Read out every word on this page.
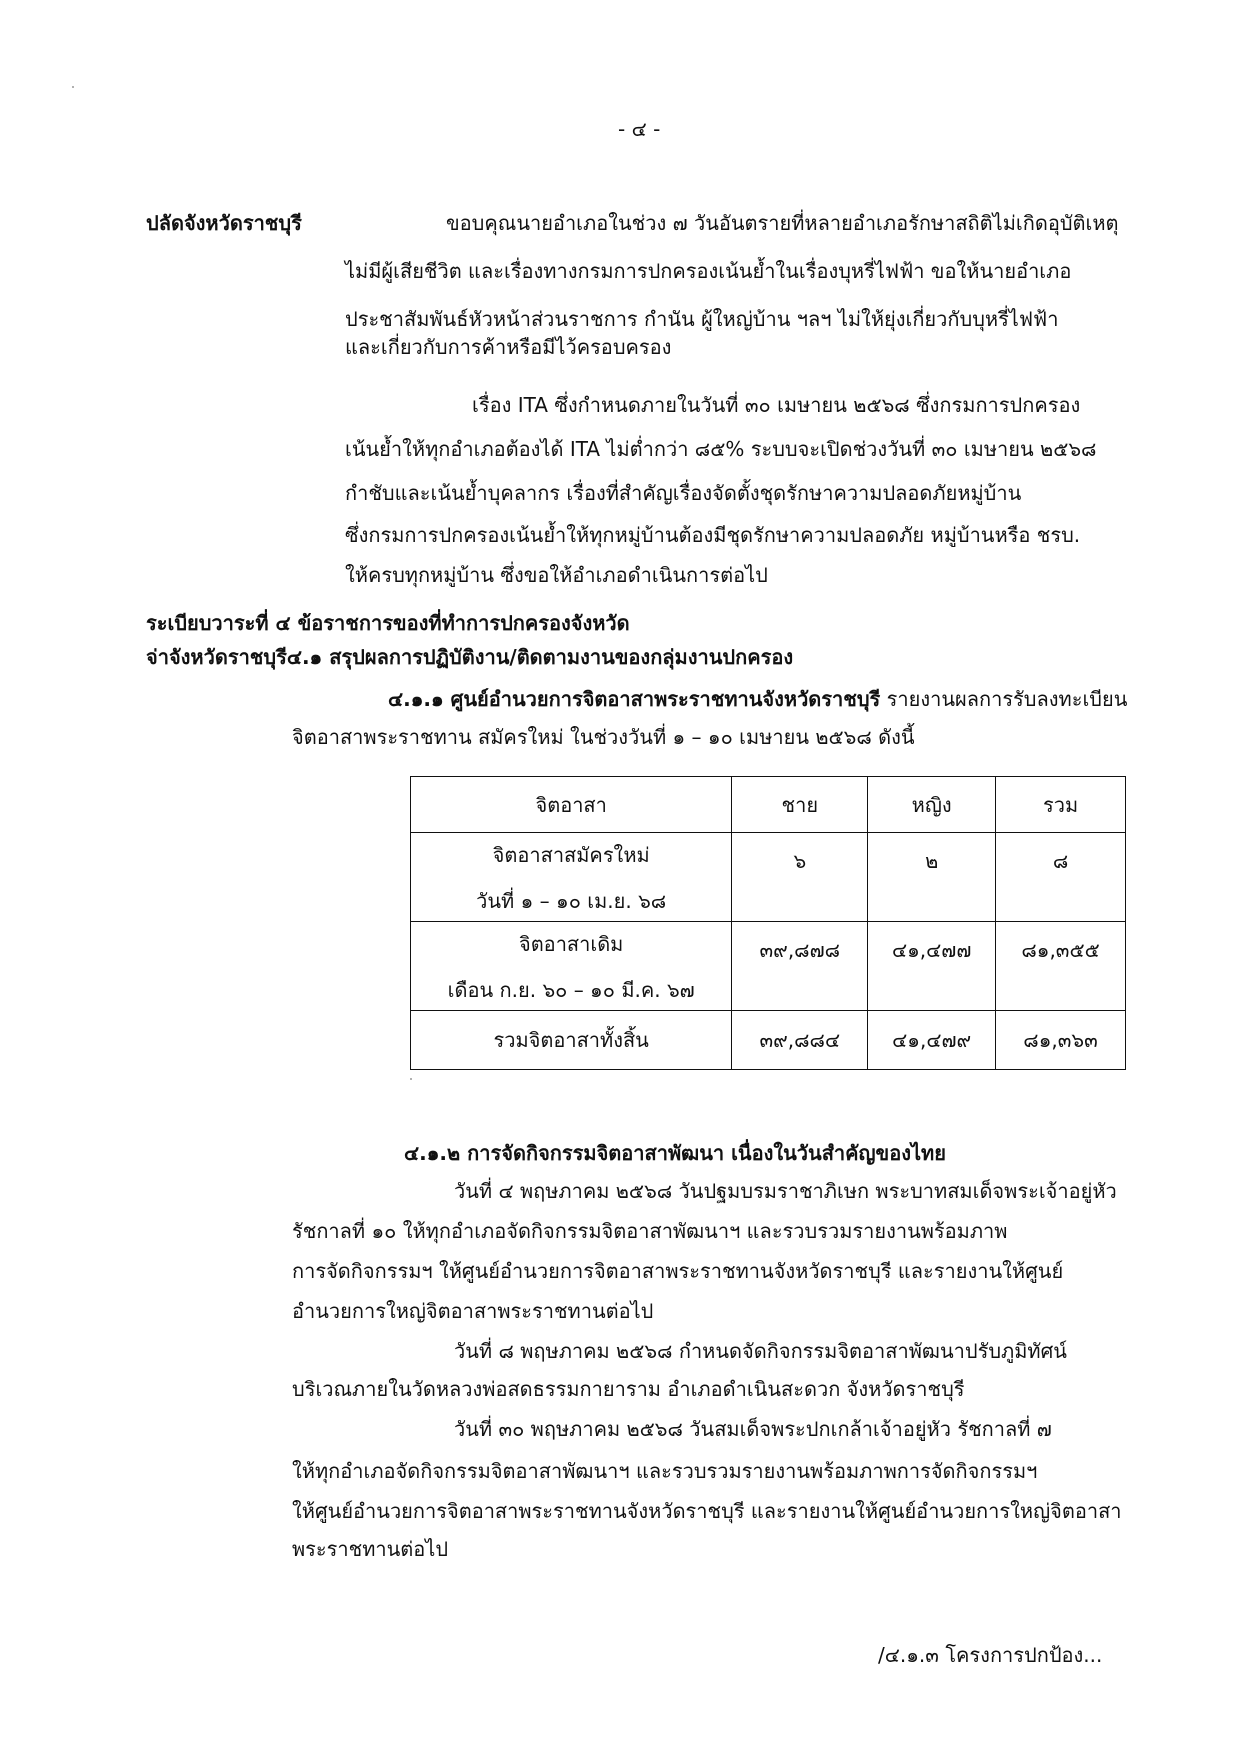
- ๔ -
ปลัดจังหวัดราชบุรี	ขอบคุณนายอำเภอในช่วง ๗ วันอันตรายที่หลายอำเภอรักษาสถิติไม่เกิดอุบัติเหตุ
ไม่มีผู้เสียชีวิต และเรื่องทางกรมการปกครองเน้นย้ำในเรื่องบุหรี่ไฟฟ้า ขอให้นายอำเภอ
ประชาสัมพันธ์หัวหน้าส่วนราชการ กำนัน ผู้ใหญ่บ้าน ฯลฯ ไม่ให้ยุ่งเกี่ยวกับบุหรี่ไฟฟ้า
และเกี่ยวกับการค้าหรือมีไว้ครอบครอง
เรื่อง ITA ซึ่งกำหนดภายในวันที่ ๓๐ เมษายน ๒๕๖๘ ซึ่งกรมการปกครอง
เน้นย้ำให้ทุกอำเภอต้องได้ ITA ไม่ต่ำกว่า ๘๕% ระบบจะเปิดช่วงวันที่ ๓๐ เมษายน ๒๕๖๘
กำชับและเน้นย้ำบุคลากร เรื่องที่สำคัญเรื่องจัดตั้งชุดรักษาความปลอดภัยหมู่บ้าน
ซึ่งกรมการปกครองเน้นย้ำให้ทุกหมู่บ้านต้องมีชุดรักษาความปลอดภัย หมู่บ้านหรือ ชรบ.
ให้ครบทุกหมู่บ้าน ซึ่งขอให้อำเภอดำเนินการต่อไป
ระเบียบวาระที่ ๔ ข้อราชการของที่ทำการปกครองจังหวัด
จ่าจังหวัดราชบุรี๔.๑ สรุปผลการปฏิบัติงาน/ติดตามงานของกลุ่มงานปกครอง
๔.๑.๑ ศูนย์อำนวยการจิตอาสาพระราชทานจังหวัดราชบุรี รายงานผลการรับลงทะเบียน
จิตอาสาพระราชทาน สมัครใหม่ ในช่วงวันที่ ๑ – ๑๐ เมษายน ๒๕๖๘ ดังนี้
จิตอาสา	ชาย	หญิง	รวม

จิตอาสาสมัครใหม่
วันที่ ๑ – ๑๐ เม.ย. ๖๘	๖	๒	๘

จิตอาสาเดิม
เดือน ก.ย. ๖๐ – ๑๐ มี.ค. ๖๗	๓๙,๘๗๘	๔๑,๔๗๗	๘๑,๓๕๕

รวมจิตอาสาทั้งสิ้น	๓๙,๘๘๔	๔๑,๔๗๙	๘๑,๓๖๓
๔.๑.๒ การจัดกิจกรรมจิตอาสาพัฒนา เนื่องในวันสำคัญของไทย
วันที่ ๔ พฤษภาคม ๒๕๖๘ วันปฐมบรมราชาภิเษก พระบาทสมเด็จพระเจ้าอยู่หัว
รัชกาลที่ ๑๐ ให้ทุกอำเภอจัดกิจกรรมจิตอาสาพัฒนาฯ และรวบรวมรายงานพร้อมภาพ
การจัดกิจกรรมฯ ให้ศูนย์อำนวยการจิตอาสาพระราชทานจังหวัดราชบุรี และรายงานให้ศูนย์
อำนวยการใหญ่จิตอาสาพระราชทานต่อไป
วันที่ ๘ พฤษภาคม ๒๕๖๘ กำหนดจัดกิจกรรมจิตอาสาพัฒนาปรับภูมิทัศน์
บริเวณภายในวัดหลวงพ่อสดธรรมกายาราม อำเภอดำเนินสะดวก จังหวัดราชบุรี
วันที่ ๓๐ พฤษภาคม ๒๕๖๘ วันสมเด็จพระปกเกล้าเจ้าอยู่หัว รัชกาลที่ ๗
ให้ทุกอำเภอจัดกิจกรรมจิตอาสาพัฒนาฯ และรวบรวมรายงานพร้อมภาพการจัดกิจกรรมฯ
ให้ศูนย์อำนวยการจิตอาสาพระราชทานจังหวัดราชบุรี และรายงานให้ศูนย์อำนวยการใหญ่จิตอาสา
พระราชทานต่อไป
/๔.๑.๓ โครงการปกป้อง...
